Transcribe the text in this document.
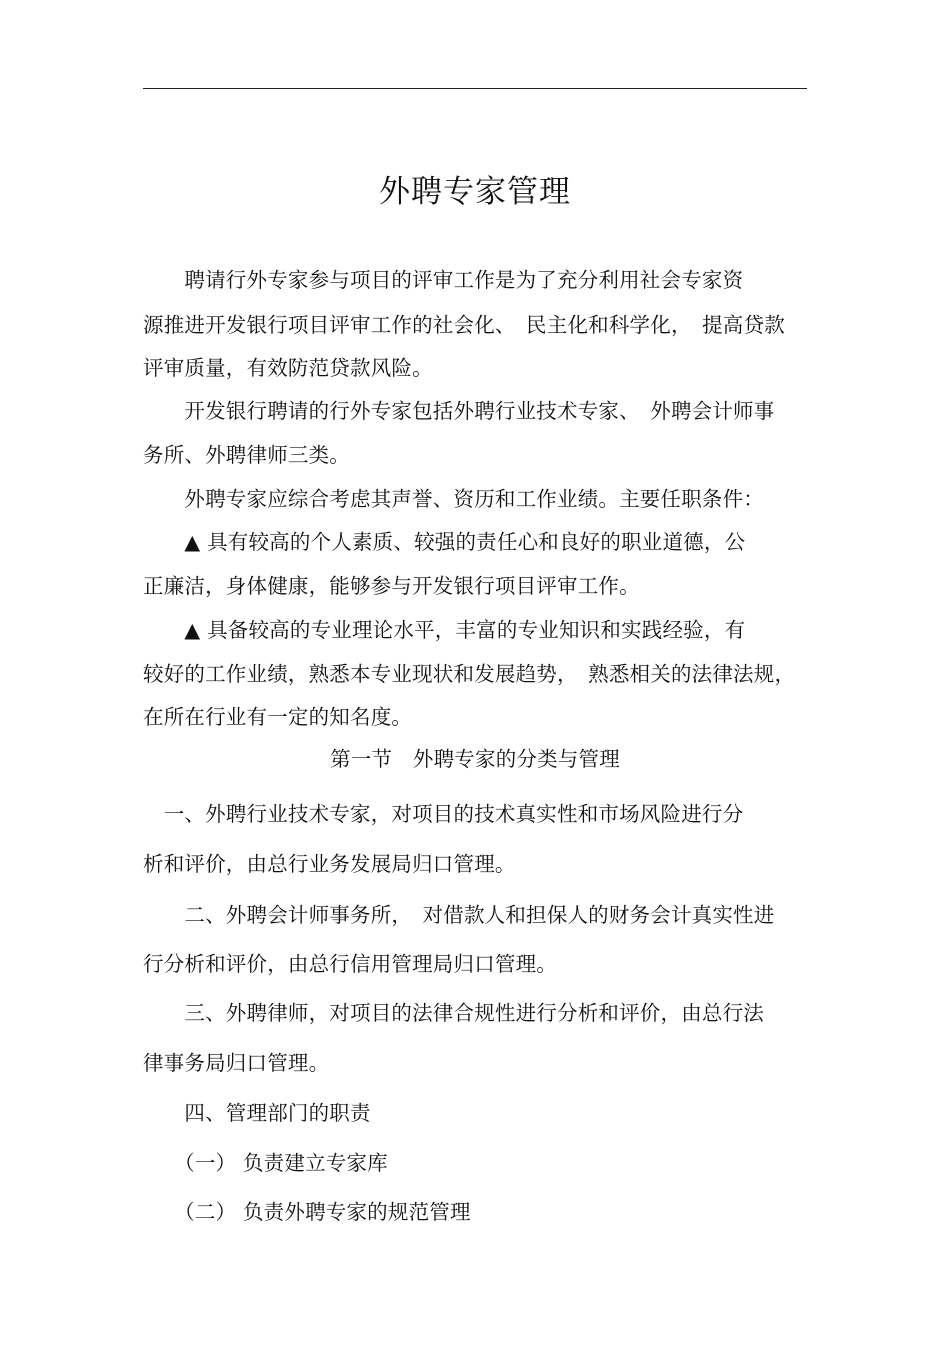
外聘专家管理
　　聘请行外专家参与项目的评审工作是为了充分利用社会专家资
源推进开发银行项目评审工作的社会化、　民主化和科学化，　提高贷款
评审质量，有效防范贷款风险。
　　开发银行聘请的行外专家包括外聘行业技术专家、　外聘会计师事
务所、外聘律师三类。
　　外聘专家应综合考虑其声誉、资历和工作业绩。主要任职条件：
　　▲ 具有较高的个人素质、较强的责任心和良好的职业道德，公
正廉洁，身体健康，能够参与开发银行项目评审工作。
　　▲ 具备较高的专业理论水平，丰富的专业知识和实践经验，有
较好的工作业绩，熟悉本专业现状和发展趋势，　熟悉相关的法律法规，
在所在行业有一定的知名度。
第一节　外聘专家的分类与管理
　一、外聘行业技术专家，对项目的技术真实性和市场风险进行分
析和评价，由总行业务发展局归口管理。
　　二、外聘会计师事务所，　对借款人和担保人的财务会计真实性进
行分析和评价，由总行信用管理局归口管理。
　　三、外聘律师，对项目的法律合规性进行分析和评价，由总行法
律事务局归口管理。
　　四、管理部门的职责
　　（一） 负责建立专家库
　　（二） 负责外聘专家的规范管理
